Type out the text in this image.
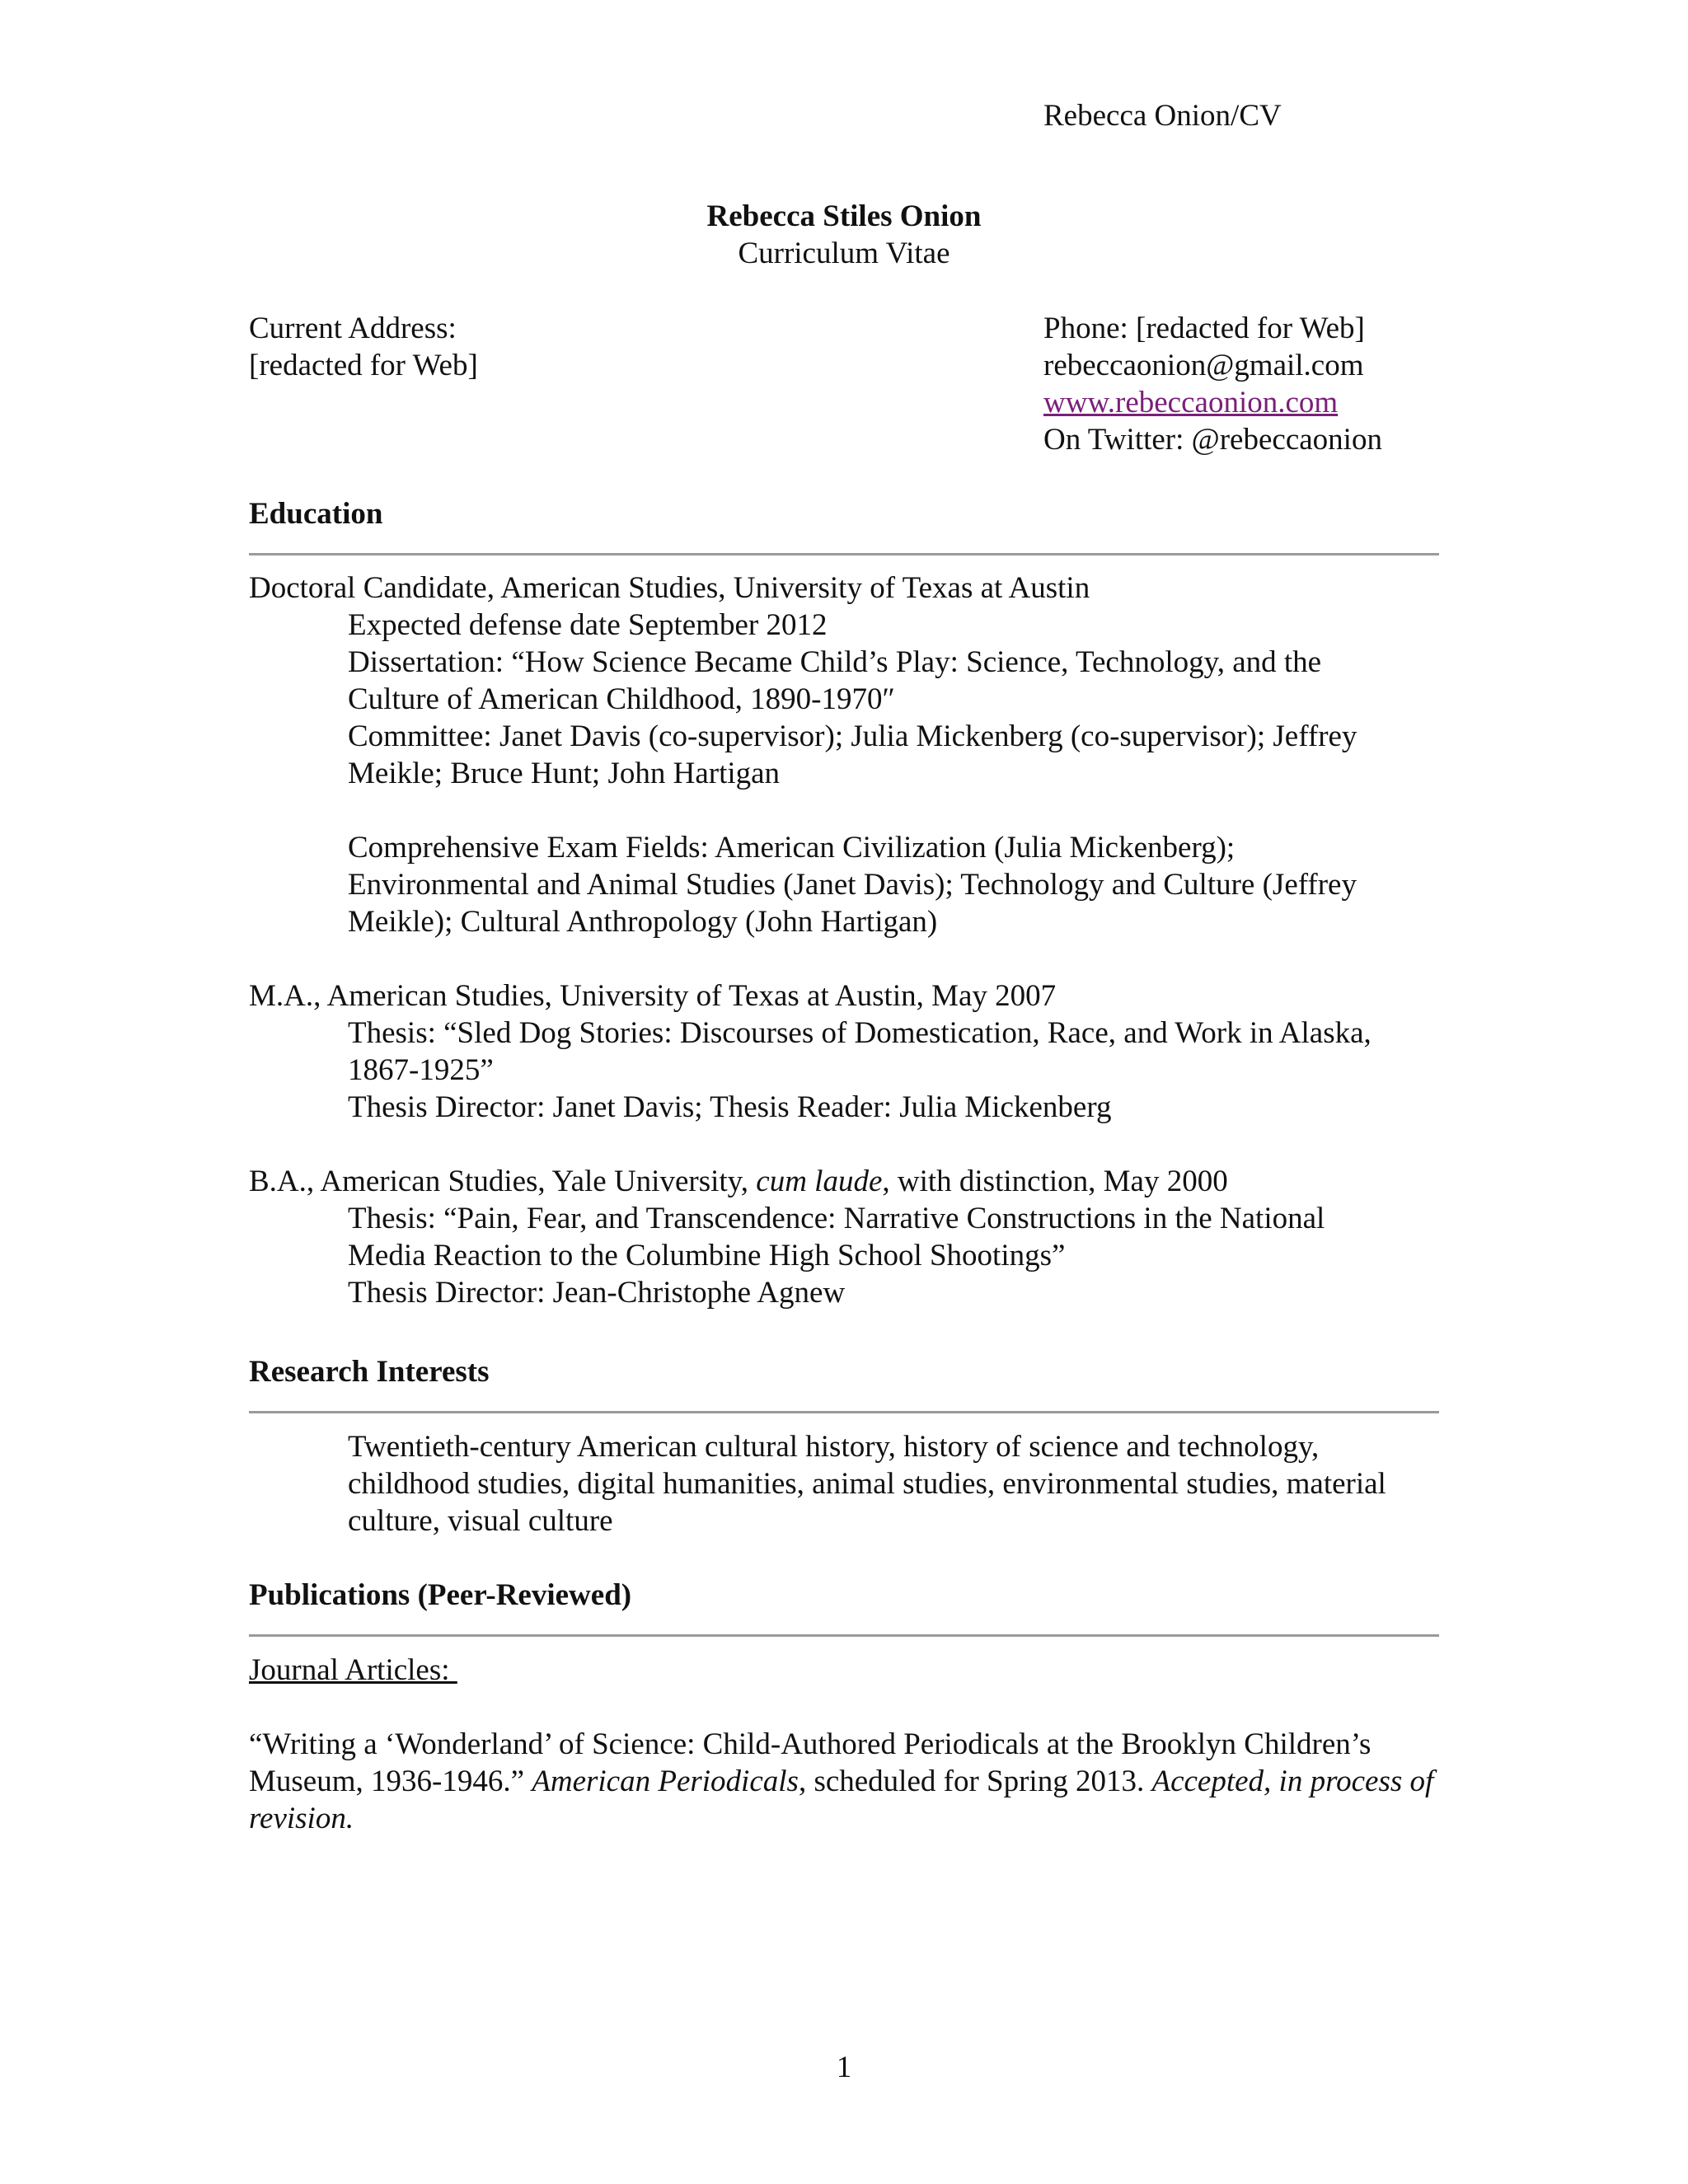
Rebecca Onion/CV
Rebecca Stiles Onion
Curriculum Vitae
Current Address:
[redacted for Web]
Phone: [redacted for Web]
rebeccaonion@gmail.com
www.rebeccaonion.com
On Twitter: @rebeccaonion
Education
Doctoral Candidate, American Studies, University of Texas at Austin
Expected defense date September 2012
Dissertation: “How Science Became Child’s Play: Science, Technology, and the
Culture of American Childhood, 1890-1970″
Committee: Janet Davis (co-supervisor); Julia Mickenberg (co-supervisor); Jeffrey
Meikle; Bruce Hunt; John Hartigan
Comprehensive Exam Fields: American Civilization (Julia Mickenberg);
Environmental and Animal Studies (Janet Davis); Technology and Culture (Jeffrey
Meikle); Cultural Anthropology (John Hartigan)
M.A., American Studies, University of Texas at Austin, May 2007
Thesis: “Sled Dog Stories: Discourses of Domestication, Race, and Work in Alaska,
1867-1925”
Thesis Director: Janet Davis; Thesis Reader: Julia Mickenberg
B.A., American Studies, Yale University, cum laude, with distinction, May 2000
Thesis: “Pain, Fear, and Transcendence: Narrative Constructions in the National
Media Reaction to the Columbine High School Shootings”
Thesis Director: Jean-Christophe Agnew
Research Interests
Twentieth-century American cultural history, history of science and technology,
childhood studies, digital humanities, animal studies, environmental studies, material
culture, visual culture
Publications (Peer-Reviewed)
Journal Articles:
“Writing a ‘Wonderland’ of Science: Child-Authored Periodicals at the Brooklyn Children’s
Museum, 1936-1946.” American Periodicals, scheduled for Spring 2013. Accepted, in process of
revision.
1
